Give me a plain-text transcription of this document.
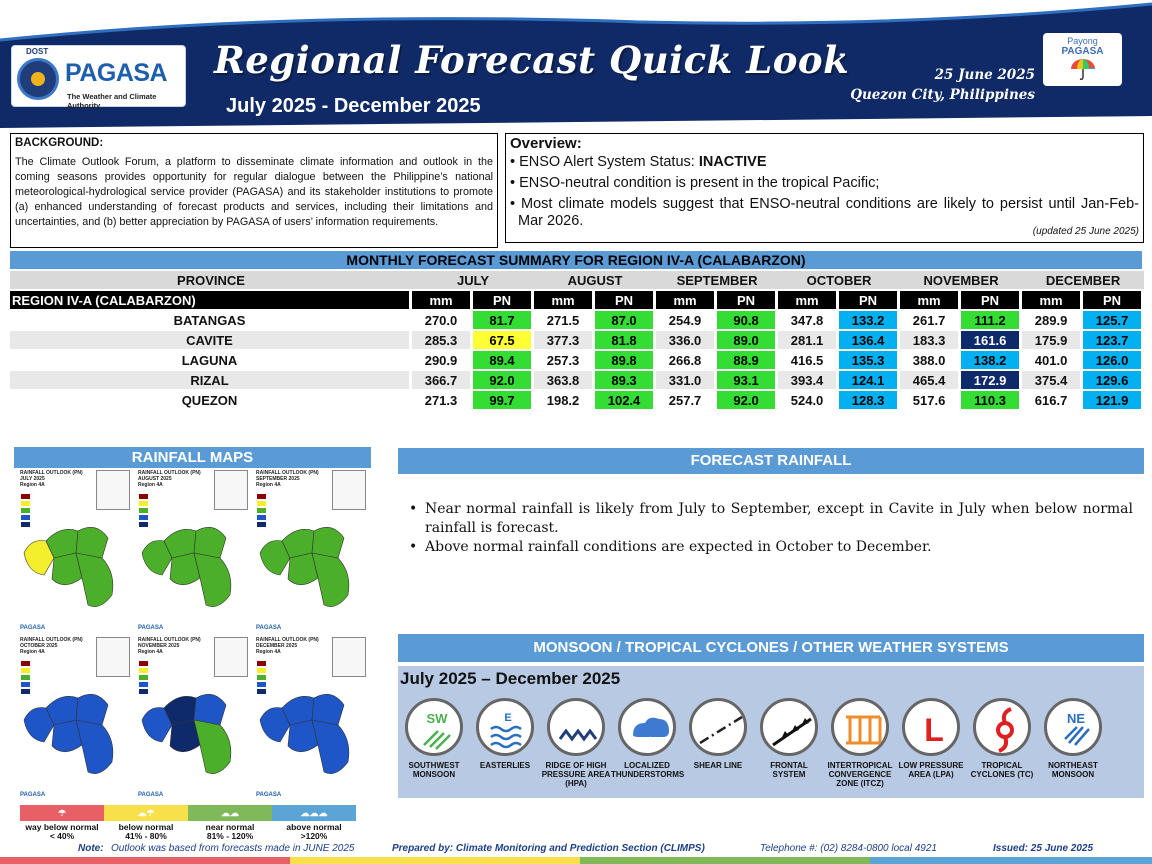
DOST
PAGASA
The Weather and Climate Authority
Regional Forecast Quick Look
July 2025 - December 2025
25 June 2025
Quezon City, Philippines
Payong
PAGASA
BACKGROUND:
The Climate Outlook Forum, a platform to disseminate climate information and outlook in the coming seasons provides opportunity for regular dialogue between the Philippine’s national meteorological-hydrological service provider (PAGASA) and its stakeholder institutions to promote (a) enhanced understanding of forecast products and services, including their limitations and uncertainties, and (b) better appreciation by PAGASA of users’ information requirements.
Overview:
• ENSO Alert System Status: INACTIVE
• ENSO-neutral condition is present in the tropical Pacific;
• Most climate models suggest that ENSO-neutral conditions are likely to persist until Jan-Feb-Mar 2026.
(updated 25 June 2025)
MONTHLY FORECAST SUMMARY FOR REGION IV-A (CALABARZON)
PROVINCE	JULY		AUGUST		SEPTEMBER		OCTOBER		NOVEMBER		DECEMBER	
REGION IV-A (CALABARZON)	mm	PN	mm	PN	mm	PN	mm	PN	mm	PN	mm	PN
BATANGAS	270.0	81.7	271.5	87.0	254.9	90.8	347.8	133.2	261.7	111.2	289.9	125.7
CAVITE	285.3	67.5	377.3	81.8	336.0	89.0	281.1	136.4	183.3	161.6	175.9	123.7
LAGUNA	290.9	89.4	257.3	89.8	266.8	88.9	416.5	135.3	388.0	138.2	401.0	126.0
RIZAL	366.7	92.0	363.8	89.3	331.0	93.1	393.4	124.1	465.4	172.9	375.4	129.6
QUEZON	271.3	99.7	198.2	102.4	257.7	92.0	524.0	128.3	517.6	110.3	616.7	121.9
RAINFALL MAPS
RAINFALL OUTLOOK (PN)
JULY 2025
Region 4A
PAGASA
RAINFALL OUTLOOK (PN)
AUGUST 2025
Region 4A
PAGASA
RAINFALL OUTLOOK (PN)
SEPTEMBER 2025
Region 4A
PAGASA
RAINFALL OUTLOOK (PN)
OCTOBER 2025
Region 4A
PAGASA
RAINFALL OUTLOOK (PN)
NOVEMBER 2025
Region 4A
PAGASA
RAINFALL OUTLOOK (PN)
DECEMBER 2025
Region 4A
PAGASA
☂
way below normal
< 40%
☁☂
below normal
41% - 80%
☁☁
near normal
81% - 120%
☁☁☁
above normal
>120%
FORECAST RAINFALL
• Near normal rainfall is likely from July to September, except in Cavite in July when below normal rainfall is forecast.
• Above normal rainfall conditions are expected in October to December.
MONSOON / TROPICAL CYCLONES / OTHER WEATHER SYSTEMS
July 2025 – December 2025
SW
SOUTHWEST MONSOON
E
EASTERLIES	RIDGE OF HIGH PRESSURE AREA (HPA)
LOCALIZED THUNDERSTORMS
SHEAR LINE	FRONTAL SYSTEM
INTERTROPICAL CONVERGENCE ZONE (ITCZ)
L
LOW PRESSURE AREA (LPA)
TROPICAL CYCLONES (TC)
NE
NORTHEAST MONSOON
Note: Outlook was based from forecasts made in JUNE 2025	Prepared by: Climate Monitoring and Prediction Section (CLIMPS)	Telephone #: (02) 8284-0800 local 4921	Issued: 25 June 2025
